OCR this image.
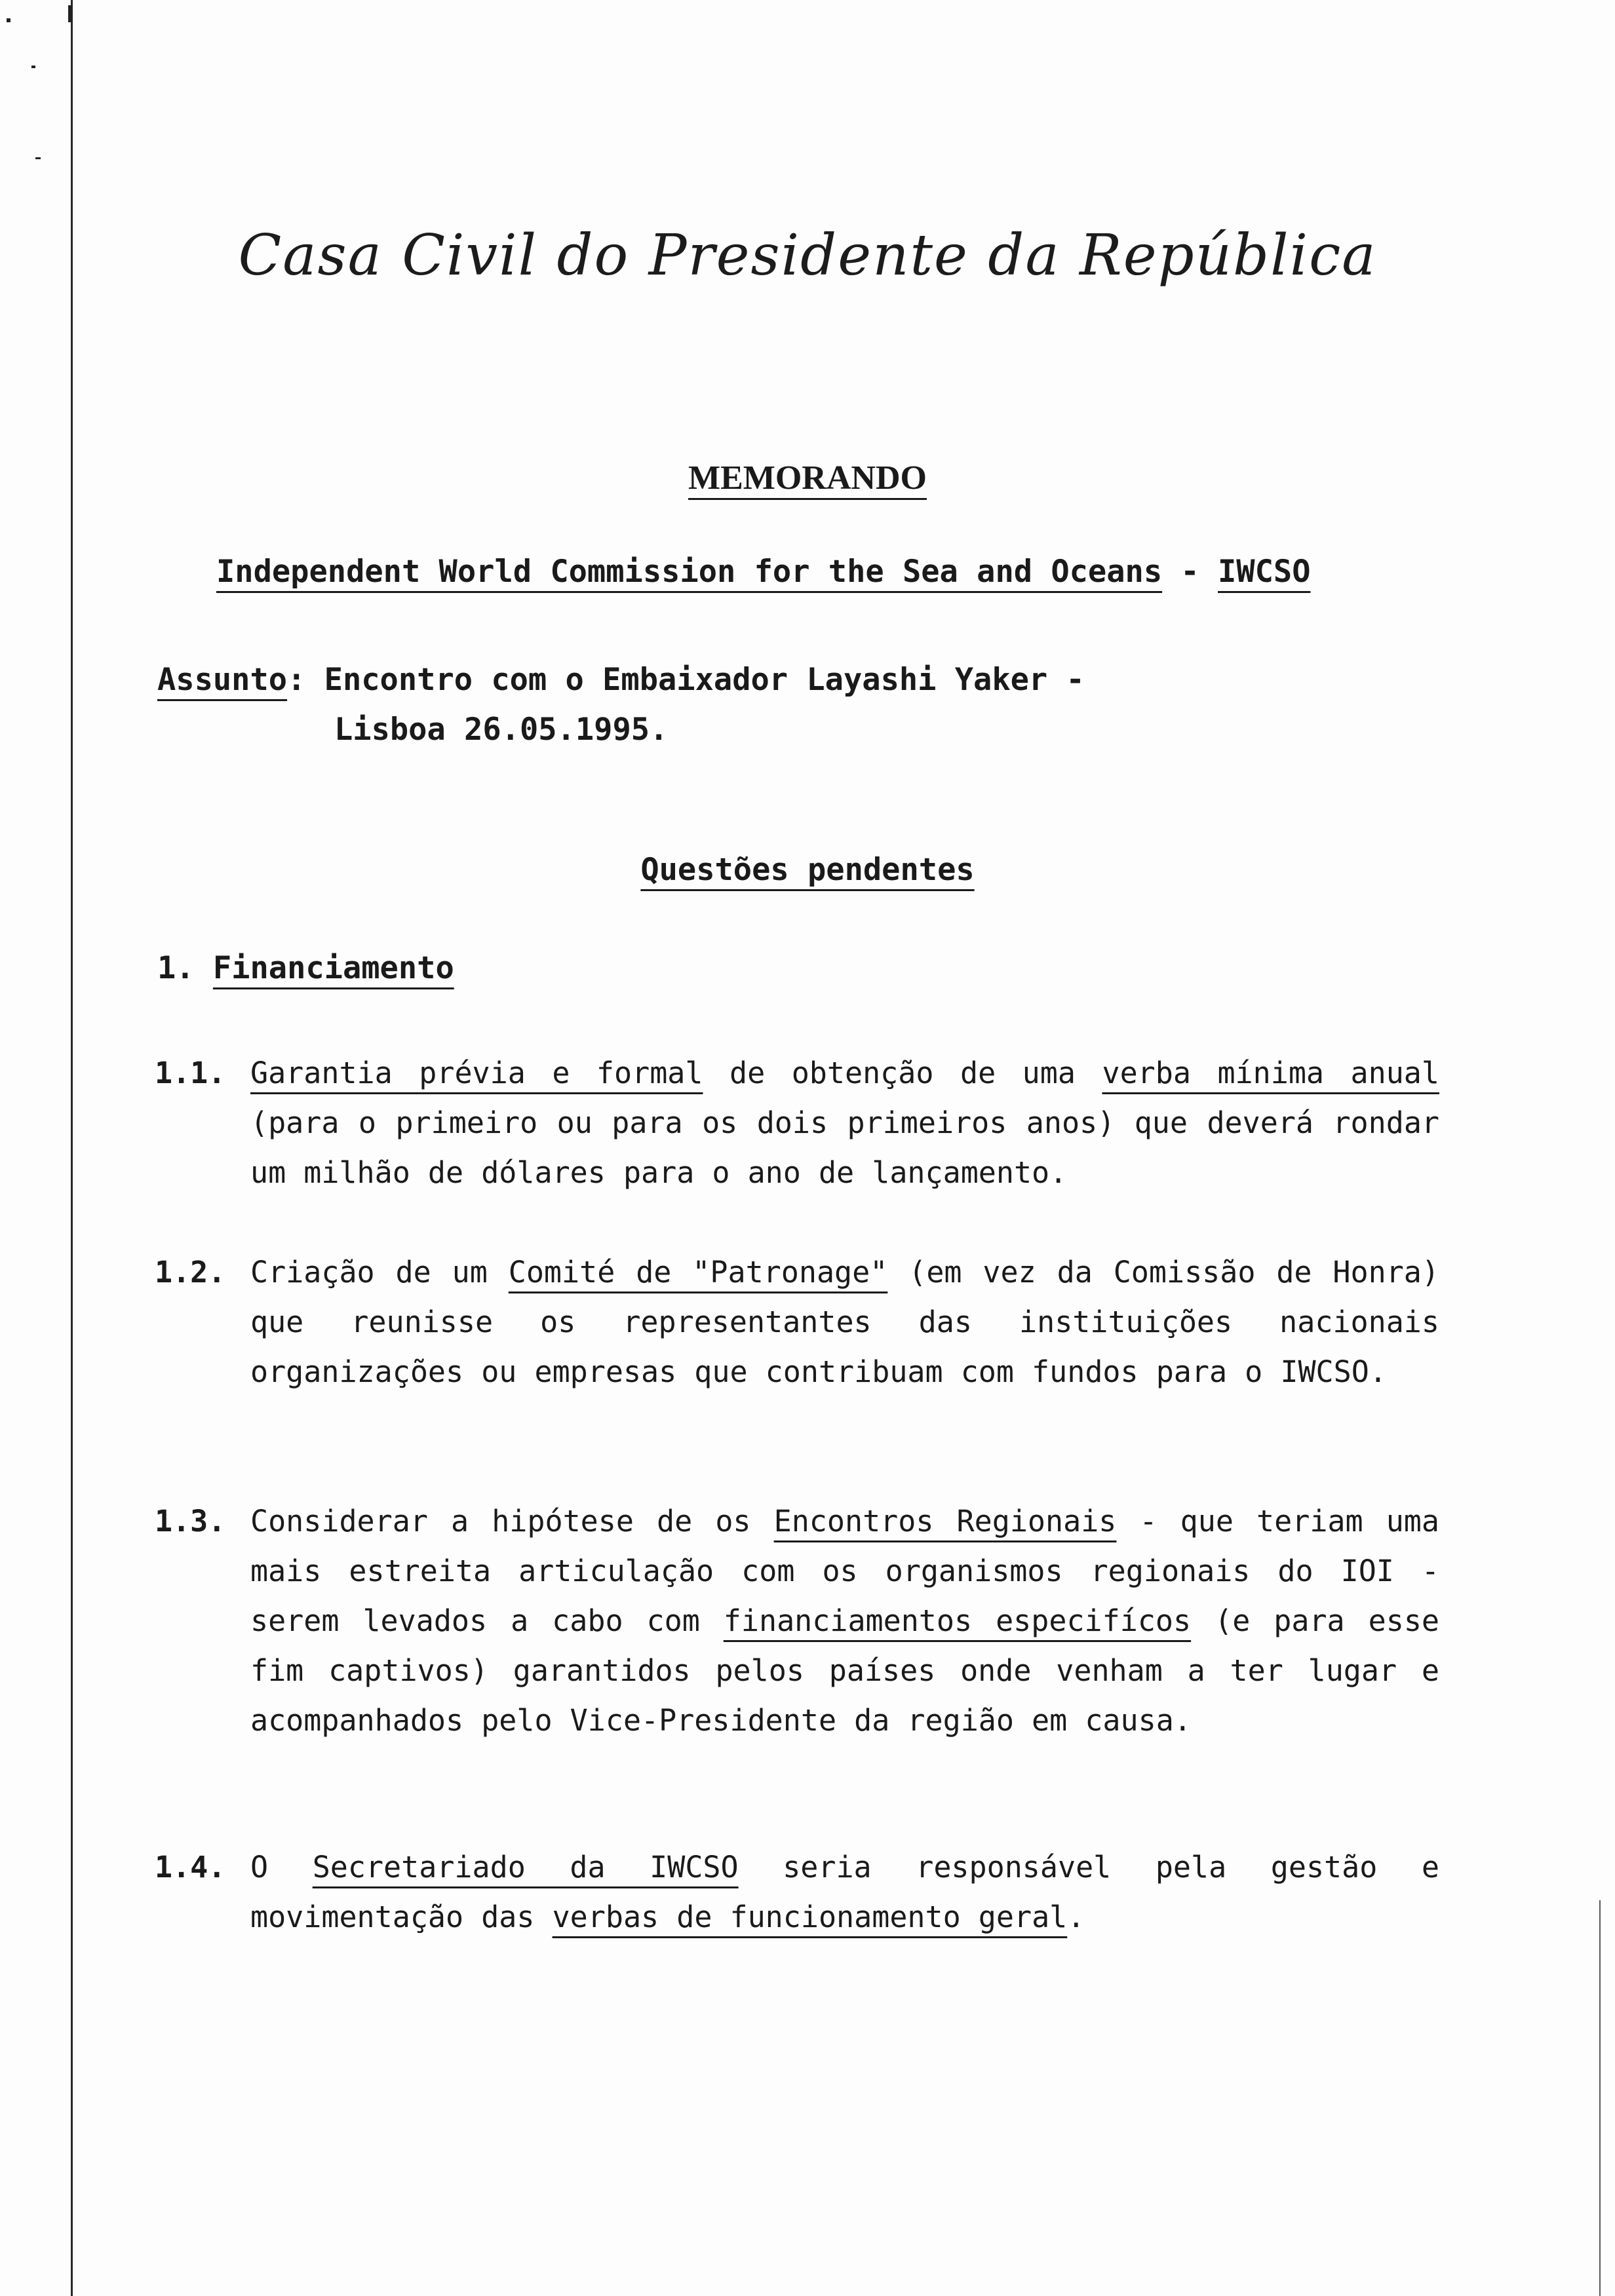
Casa Civil do Presidente da República
MEMORANDO
Independent World Commission for the Sea and Oceans - IWCSO
Assunto: Encontro com o Embaixador Layashi Yaker -
Lisboa 26.05.1995.
Questões pendentes
1. Financiamento
1.1. Garantia prévia e formal de obtenção de uma verba mínima anual (para o primeiro ou para os dois primeiros anos) que deverá rondar um milhão de dólares para o ano de lançamento.
1.2. Criação de um Comité de "Patronage" (em vez da Comissão de Honra) que reunisse os representantes das instituições nacionais organizações ou empresas que contribuam com fundos para o IWCSO.
1.3. Considerar a hipótese de os Encontros Regionais - que teriam uma mais estreita articulação com os organismos regionais do IOI - serem levados a cabo com financiamentos especifícos (e para esse fim captivos) garantidos pelos países onde venham a ter lugar e acompanhados pelo Vice-Presidente da região em causa.
1.4. O Secretariado da IWCSO seria responsável pela gestão e movimentação das verbas de funcionamento geral.
